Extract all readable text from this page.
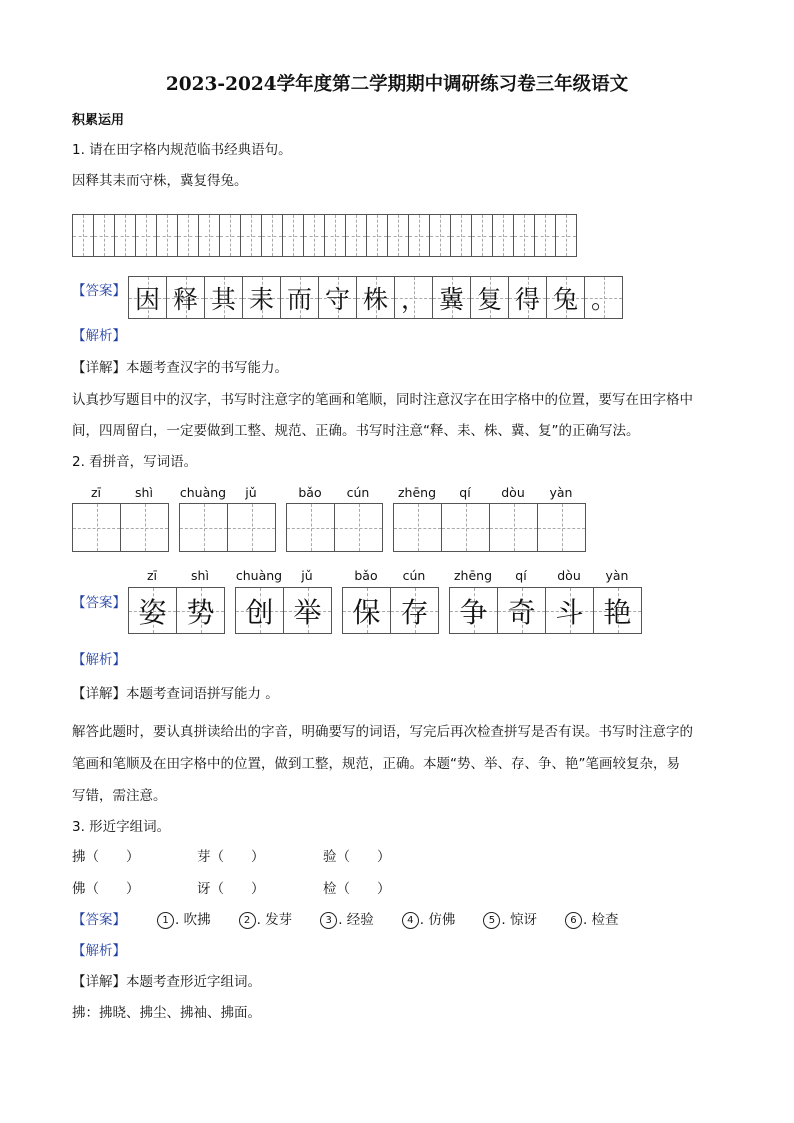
2023-2024学年度第二学期期中调研练习卷三年级语文
积累运用
1. 请在田字格内规范临书经典语句。
因释其耒而守株，冀复得兔。
【答案】 因 释 其 耒 而 守 株 ， 冀 复 得 兔 。
【解析】
【详解】本题考查汉字的书写能力。
认真抄写题目中的汉字，书写时注意字的笔画和笔顺，同时注意汉字在田字格中的位置，要写在田字格中
间，四周留白，一定要做到工整、规范、正确。书写时注意“释、耒、株、冀、复”的正确写法。
2. 看拼音，写词语。
zī	shì	chuàng	jǔ	bǎo	cún	zhēng	qí	dòu	yàn
【答案】
zī	shì	chuàng	jǔ	bǎo	cún	zhēng	qí	dòu	yàn
姿 势	创 举	保 存	争 奇 斗 艳
【解析】
【详解】本题考查词语拼写能力 。
解答此题时，要认真拼读给出的字音，明确要写的词语，写完后再次检查拼写是否有误。书写时注意字的
笔画和笔顺及在田字格中的位置，做到工整，规范，正确。本题“势、举、存、争、艳”笔画较复杂，易
写错，需注意。
3. 形近字组词。
拂（　　）	芽（　　）	验（　　）
佛（　　）	讶（　　）	检（　　）
【答案】	1 . 吹拂	2 . 发芽	3 . 经验	4 . 仿佛	5 . 惊讶	6 . 检查
【解析】
【详解】本题考查形近字组词。
拂：拂晓、拂尘、拂袖、拂面。
